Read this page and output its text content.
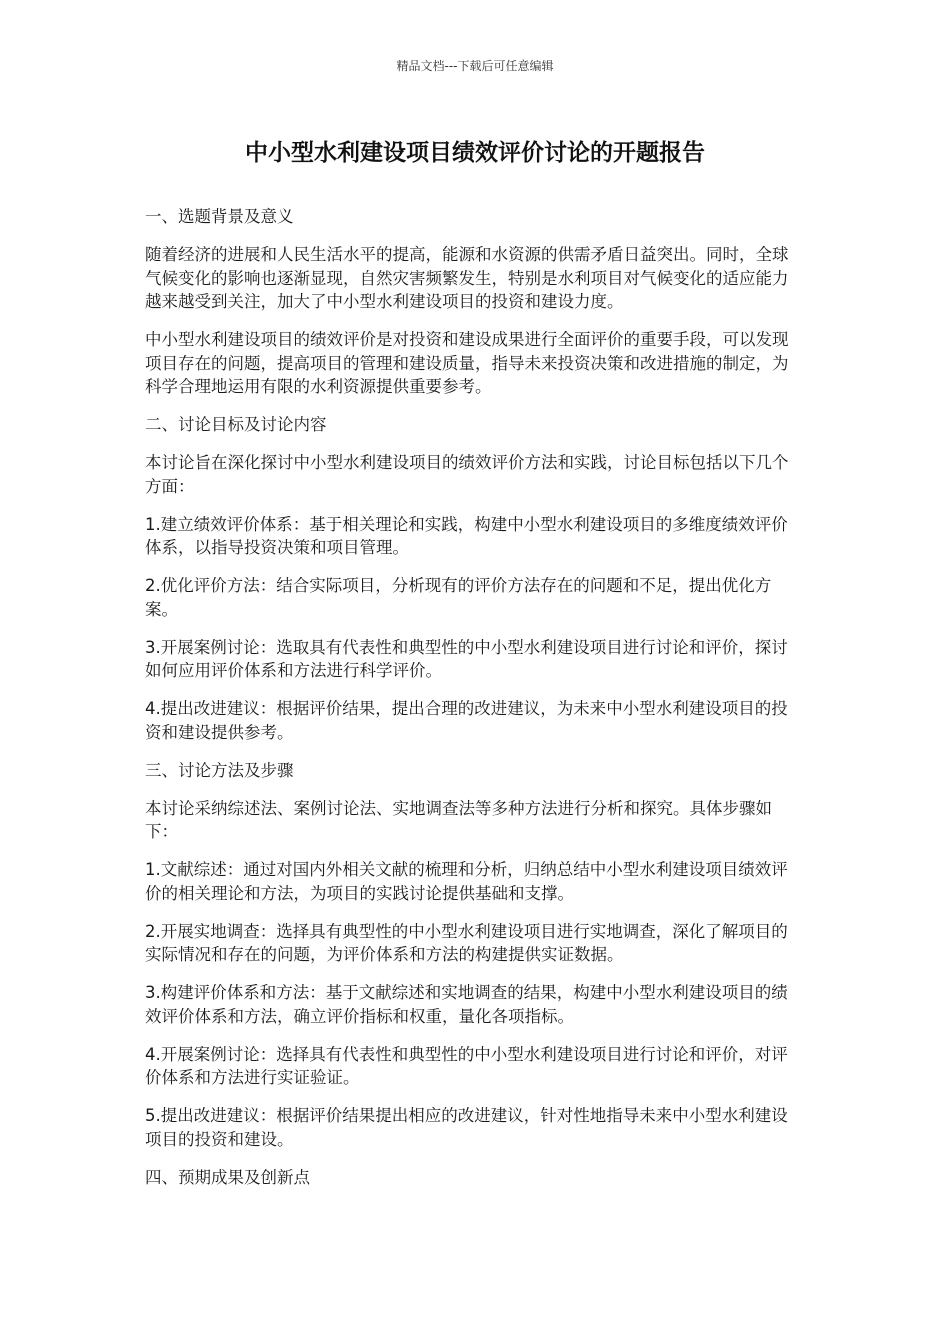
精品文档---下载后可任意编辑
中小型水利建设项目绩效评价讨论的开题报告
一、选题背景及意义

随着经济的进展和人民生活水平的提高，能源和水资源的供需矛盾日益突出。同时，全球气候变化的影响也逐渐显现，自然灾害频繁发生，特别是水利项目对气候变化的适应能力越来越受到关注，加大了中小型水利建设项目的投资和建设力度。

中小型水利建设项目的绩效评价是对投资和建设成果进行全面评价的重要手段，可以发现项目存在的问题，提高项目的管理和建设质量，指导未来投资决策和改进措施的制定，为科学合理地运用有限的水利资源提供重要参考。

二、讨论目标及讨论内容

本讨论旨在深化探讨中小型水利建设项目的绩效评价方法和实践，讨论目标包括以下几个方面：

1.建立绩效评价体系：基于相关理论和实践，构建中小型水利建设项目的多维度绩效评价体系，以指导投资决策和项目管理。

2.优化评价方法：结合实际项目，分析现有的评价方法存在的问题和不足，提出优化方案。

3.开展案例讨论：选取具有代表性和典型性的中小型水利建设项目进行讨论和评价，探讨如何应用评价体系和方法进行科学评价。

4.提出改进建议：根据评价结果，提出合理的改进建议，为未来中小型水利建设项目的投资和建设提供参考。

三、讨论方法及步骤

本讨论采纳综述法、案例讨论法、实地调查法等多种方法进行分析和探究。具体步骤如下：

1.文献综述：通过对国内外相关文献的梳理和分析，归纳总结中小型水利建设项目绩效评价的相关理论和方法，为项目的实践讨论提供基础和支撑。

2.开展实地调查：选择具有典型性的中小型水利建设项目进行实地调查，深化了解项目的实际情况和存在的问题，为评价体系和方法的构建提供实证数据。

3.构建评价体系和方法：基于文献综述和实地调查的结果，构建中小型水利建设项目的绩效评价体系和方法，确立评价指标和权重，量化各项指标。

4.开展案例讨论：选择具有代表性和典型性的中小型水利建设项目进行讨论和评价，对评价体系和方法进行实证验证。

5.提出改进建议：根据评价结果提出相应的改进建议，针对性地指导未来中小型水利建设项目的投资和建设。

四、预期成果及创新点
